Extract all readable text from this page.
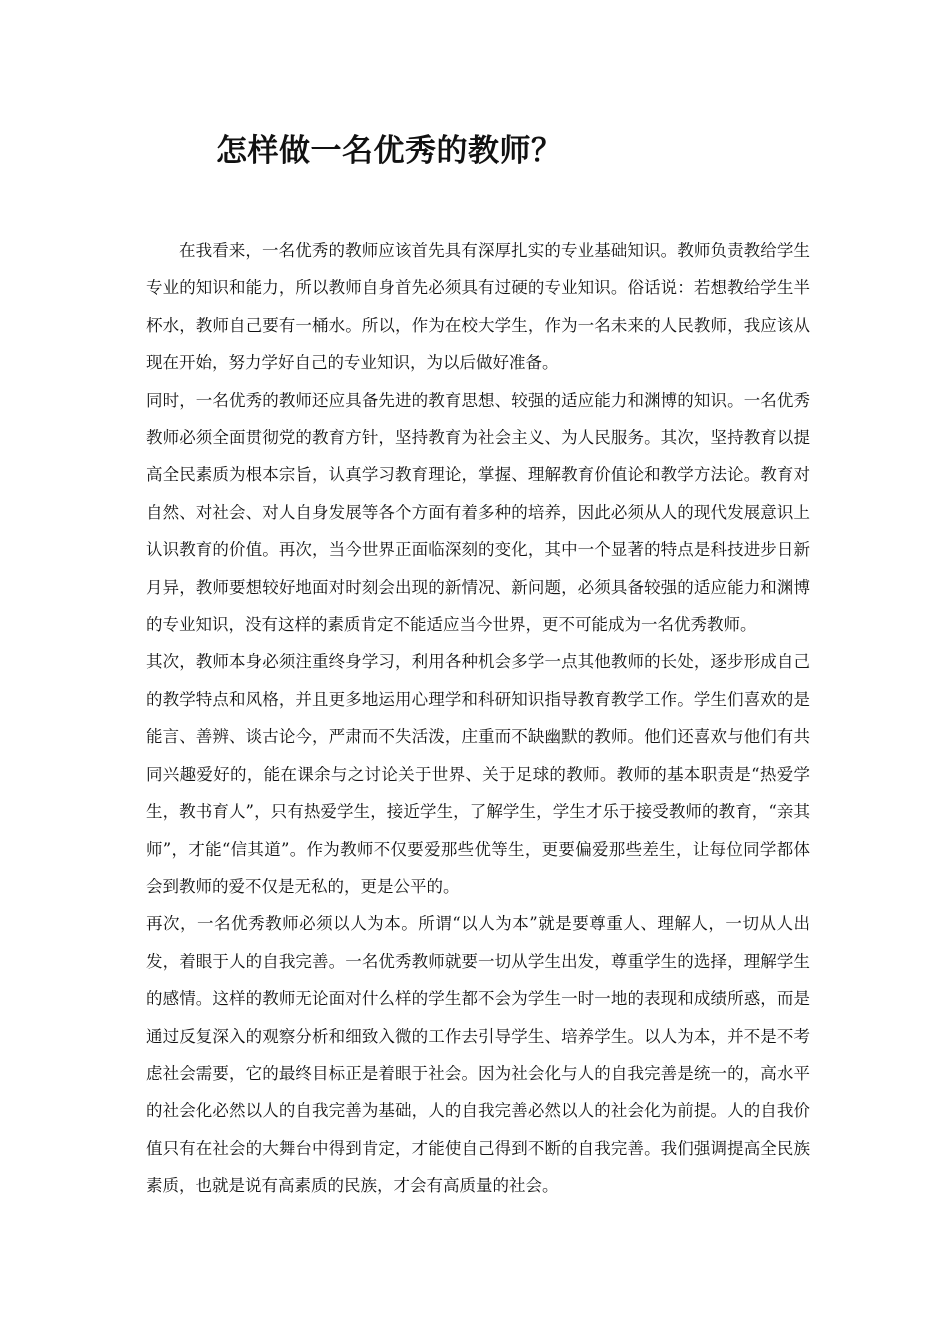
怎样做一名优秀的教师？

在我看来，一名优秀的教师应该首先具有深厚扎实的专业基础知识。教师负责教给学生专业的知识和能力，所以教师自身首先必须具有过硬的专业知识。俗话说：若想教给学生半杯水，教师自己要有一桶水。所以，作为在校大学生，作为一名未来的人民教师，我应该从现在开始，努力学好自己的专业知识，为以后做好准备。

同时，一名优秀的教师还应具备先进的教育思想、较强的适应能力和渊博的知识。一名优秀教师必须全面贯彻党的教育方针，坚持教育为社会主义、为人民服务。其次，坚持教育以提高全民素质为根本宗旨，认真学习教育理论，掌握、理解教育价值论和教学方法论。教育对自然、对社会、对人自身发展等各个方面有着多种的培养，因此必须从人的现代发展意识上认识教育的价值。再次，当今世界正面临深刻的变化，其中一个显著的特点是科技进步日新月异，教师要想较好地面对时刻会出现的新情况、新问题，必须具备较强的适应能力和渊博的专业知识，没有这样的素质肯定不能适应当今世界，更不可能成为一名优秀教师。

其次，教师本身必须注重终身学习，利用各种机会多学一点其他教师的长处，逐步形成自己的教学特点和风格，并且更多地运用心理学和科研知识指导教育教学工作。学生们喜欢的是能言、善辨、谈古论今，严肃而不失活泼，庄重而不缺幽默的教师。他们还喜欢与他们有共同兴趣爱好的，能在课余与之讨论关于世界、关于足球的教师。教师的基本职责是“热爱学生，教书育人”，只有热爱学生，接近学生，了解学生，学生才乐于接受教师的教育，“亲其师”，才能“信其道”。作为教师不仅要爱那些优等生，更要偏爱那些差生，让每位同学都体会到教师的爱不仅是无私的，更是公平的。

再次，一名优秀教师必须以人为本。所谓“以人为本”就是要尊重人、理解人，一切从人出发，着眼于人的自我完善。一名优秀教师就要一切从学生出发，尊重学生的选择，理解学生的感情。这样的教师无论面对什么样的学生都不会为学生一时一地的表现和成绩所惑，而是通过反复深入的观察分析和细致入微的工作去引导学生、培养学生。以人为本，并不是不考虑社会需要，它的最终目标正是着眼于社会。因为社会化与人的自我完善是统一的，高水平的社会化必然以人的自我完善为基础，人的自我完善必然以人的社会化为前提。人的自我价值只有在社会的大舞台中得到肯定，才能使自己得到不断的自我完善。我们强调提高全民族素质，也就是说有高素质的民族，才会有高质量的社会。
